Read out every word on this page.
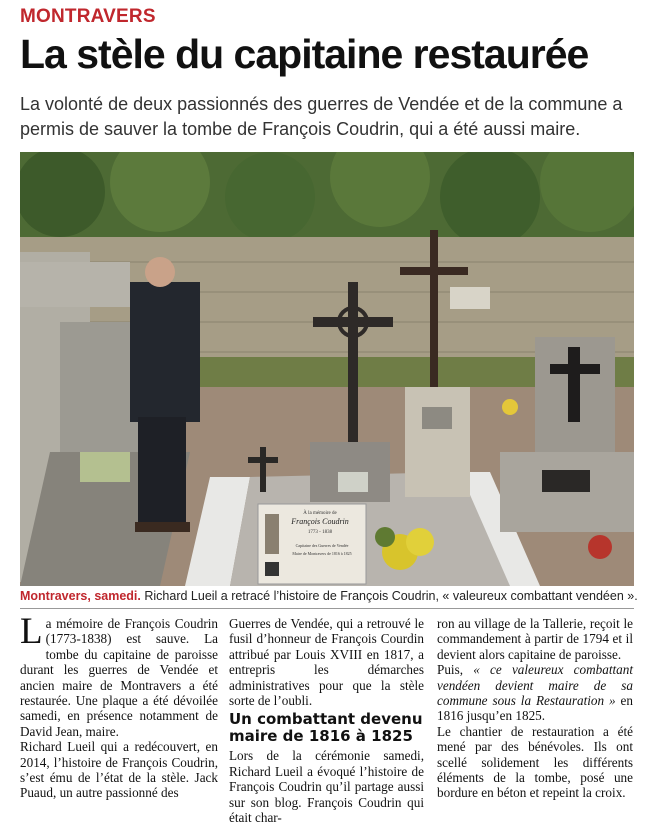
MONTRAVERS
La stèle du capitaine restaurée
La volonté de deux passionnés des guerres de Vendée et de la commune a permis de sauver la tombe de François Coudrin, qui a été aussi maire.
À la mémoire de
François Coudrin
1773 - 1838
Capitaine des Guerres de Vendée
Maire de Montravers de 1816 à 1825
Montravers, samedi. Richard Lueil a retracé l’histoire de François Coudrin, « valeureux combattant vendéen ».

La mémoire de François Coudrin (1773-1838) est sauve. La tombe du capitaine de paroisse durant les guerres de Vendée et ancien maire de Montravers a été restaurée. Une plaque a été dévoilée samedi, en présence notamment de David Jean, maire.

Richard Lueil qui a redécouvert, en 2014, l’histoire de François Coudrin, s’est ému de l’état de la stèle. Jack Puaud, un autre passionné des

Guerres de Vendée, qui a retrouvé le fusil d’honneur de François Courdin attribué par Louis XVIII en 1817, a entrepris les démarches administratives pour que la stèle sorte de l’oubli.

Un combattant devenu maire de 1816 à 1825

Lors de la cérémonie samedi, Richard Lueil a évoqué l’histoire de François Coudrin qu’il partage aussi sur son blog. François Coudrin qui était char-

ron au village de la Tallerie, reçoit le commandement à partir de 1794 et il devient alors capitaine de paroisse.

Puis, « ce valeureux combattant vendéen devient maire de sa commune sous la Restauration » en 1816 jusqu’en 1825.

Le chantier de restauration a été mené par des bénévoles. Ils ont scellé solidement les différents éléments de la tombe, posé une bordure en béton et repeint la croix.
